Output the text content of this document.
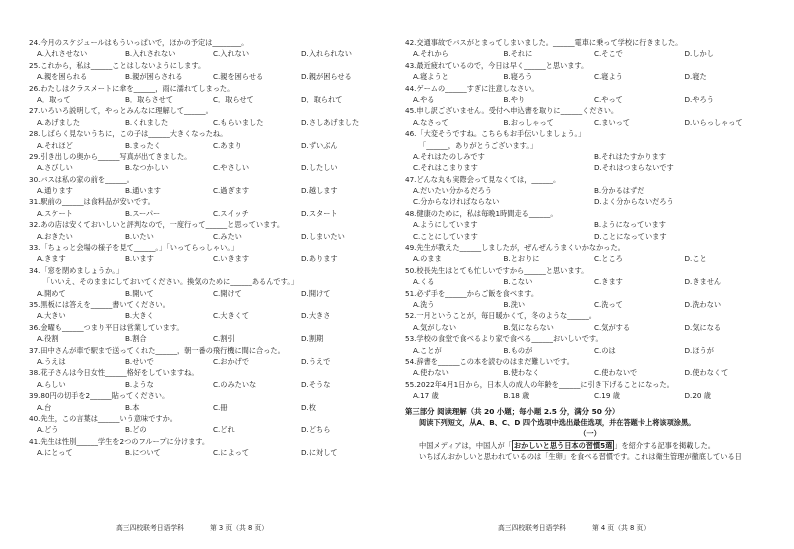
24.今月のスケジュールはもういっぱいで，ほかの予定は________。
A.入れさせない	B.入れされない	C.入れない	D.入れられない
25.これから，私は______ことはしないようにします。
A.親を困られる	B.親が困らされる	C.親を困らせる	D.親が困らせる
26.わたしはクラスメートに傘を______，雨に濡れてしまった。
A．取って	B．取らさせて	C．取らせて	D．取られて
27.いろいろ説明して，やっとみんなに理解して______。
A.あげました	B.くれました	C.もらいました	D.さしあげました
28.しばらく見ないうちに，この子は______大きくなったね。
A.それほど	B.まったく	C.あまり	D.ずいぶん
29.引き出しの奥から______写真が出てきました。
A.さびしい	B.なつかしい	C.やさしい	D.したしい
30.バスは私の家の前を______。
A.通ります	B.通います	C.過ぎます	D.越します
31.駅前の______は食料品が安いです。
A.スケート	B.スーパー	C.スイッチ	D.スタート
32.あの店は安くておいしいと評判なので，一度行って______と思っています。
A.おきたい	B.いたい	C.みたい	D.しまいたい
33.「ちょっと会場の様子を見て______。」「いってらっしゃい。」
A.きます	B.います	C.いきます	D.あります
34.「窓を閉めましょうか。」
「いいえ、そのままにしておいてください。換気のために______あるんです。」
A.開めて	B.開いて	C.開けて	D.開けて
35.黒板には答えを______書いてください。
A.大きい	B.大きく	C.大きくて	D.大きさ
36.金曜も______つまり平日は営業しています。
A.役割	B.割合	C.割引	D.割期
37.田中さんが車で駅まで送ってくれた______，朝一番の飛行機に間に合った。
A.うえは	B.せいで	C.おかげで	D.うえで
38.花子さんは今日女性______格好をしていますね。
A.らしい	B.ような	C.のみたいな	D.そうな
39.80円の切手を2______貼ってください。
A.台	B.本	C.冊	D.枚
40.先生，この言葉は______いう意味ですか。
A.どう	B.どの	C.どれ	D.どちら
41.先生は性別______学生を2つのフループに分けます。
A.にとって	B.について	C.によって	D.に対して
42.交通事故でバスがとまってしまいました。______電車に乗って学校に行きました。
A.それから	B.それに	C.そこで	D.しかし
43.最近疲れているので，今日は早く______と思います。
A.寝ようと	B.寝ろう	C.寝よう	D.寝た
44.ゲームの______すぎに注意しなさい。
A.やる	B.やり	C.やって	D.やろう
45.申し訳ございません。受付へ申込書を取りに______ください。
A.なさって	B.おっしゃって	C.まいって	D.いらっしゃって
46.「大変そうですね。こちらもお手伝いしましょう。」
「______，ありがとうございます。」
A.それはたのしみです	B.それはたすかります
C.それはこまります	D.それはつまらないです
47.どんな丸も実際会って見なくては，______。
A.だいたい分かるだろう	B.分かるはずだ
C.分からなければならない	D.よく分からないだろう
48.健康のために，私は毎晩1時間走る______。
A.ようにしています	B.ようになっています
C.ことにしています	D.ことになっています
49.先生が教えた______しましたが，ぜんぜんうまくいかなかった。
A.のまま	B.とおりに	C.ところ	D.こと
50.校長先生はとても忙しいですから______と思います。
A.くる	B.こない	C.きます	D.きません
51.必ず手を______からご飯を食べます。
A.洗う	B.洗い	C.洗って	D.洗わない
52.一月ということが，毎日暖かくて，冬のような______。
A.気がしない	B.気にならない	C.気がする	D.気になる
53.学校の食堂で食べるより家で食べる______おいしいです。
A.ことが	B.ものが	C.のは	D.ほうが
54.辞書を______この本を読むのはまだ難しいです。
A.使わない	B.使わなく	C.使わないで	D.使わなくて
55.2022年4月1日から，日本人の成人の年齢を______に引き下げることになった。
A.17 歳	B.18 歳	C.19 歳	D.20 歳
第三部分 阅读理解（共 20 小题；每小题 2.5 分，满分 50 分）
阅读下列短文，从A、B、C、D 四个选项中选出最佳选项，并在答题卡上将该项涂黑。
（一）
中国メディアは，中国人が「 おかしいと思う日本の習慣5選 」を紹介する記事を掲載した。
いちばんおかしいと思われているのは「生卵」を食べる習慣です。これは衛生管理が徹底している日
高三四校联考日语学科	第 3 页（共 8 页）	高三四校联考日语学科	第 4 页（共 8 页）
